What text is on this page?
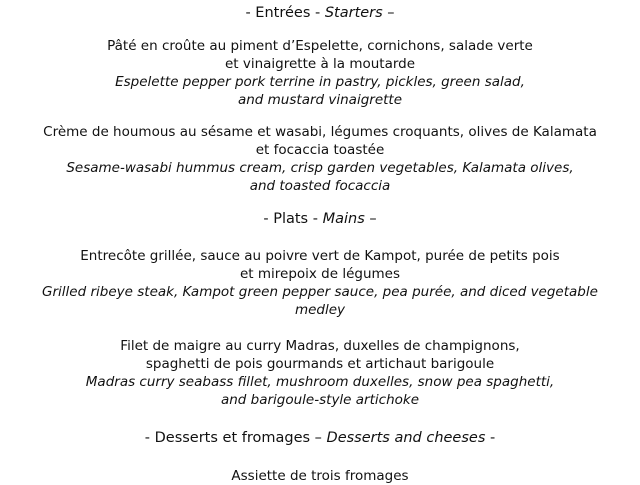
- Entrées - Starters –
Pâté en croûte au piment d’Espelette, cornichons, salade verte
et vinaigrette à la moutarde
Espelette pepper pork terrine in pastry, pickles, green salad,
and mustard vinaigrette
Crème de houmous au sésame et wasabi, légumes croquants, olives de Kalamata
et focaccia toastée
Sesame-wasabi hummus cream, crisp garden vegetables, Kalamata olives,
and toasted focaccia
- Plats - Mains –
Entrecôte grillée, sauce au poivre vert de Kampot, purée de petits pois
et mirepoix de légumes
Grilled ribeye steak, Kampot green pepper sauce, pea purée, and diced vegetable
medley
Filet de maigre au curry Madras, duxelles de champignons,
spaghetti de pois gourmands et artichaut barigoule
Madras curry seabass fillet, mushroom duxelles, snow pea spaghetti,
and barigoule-style artichoke
- Desserts et fromages – Desserts and cheeses -
Assiette de trois fromages
